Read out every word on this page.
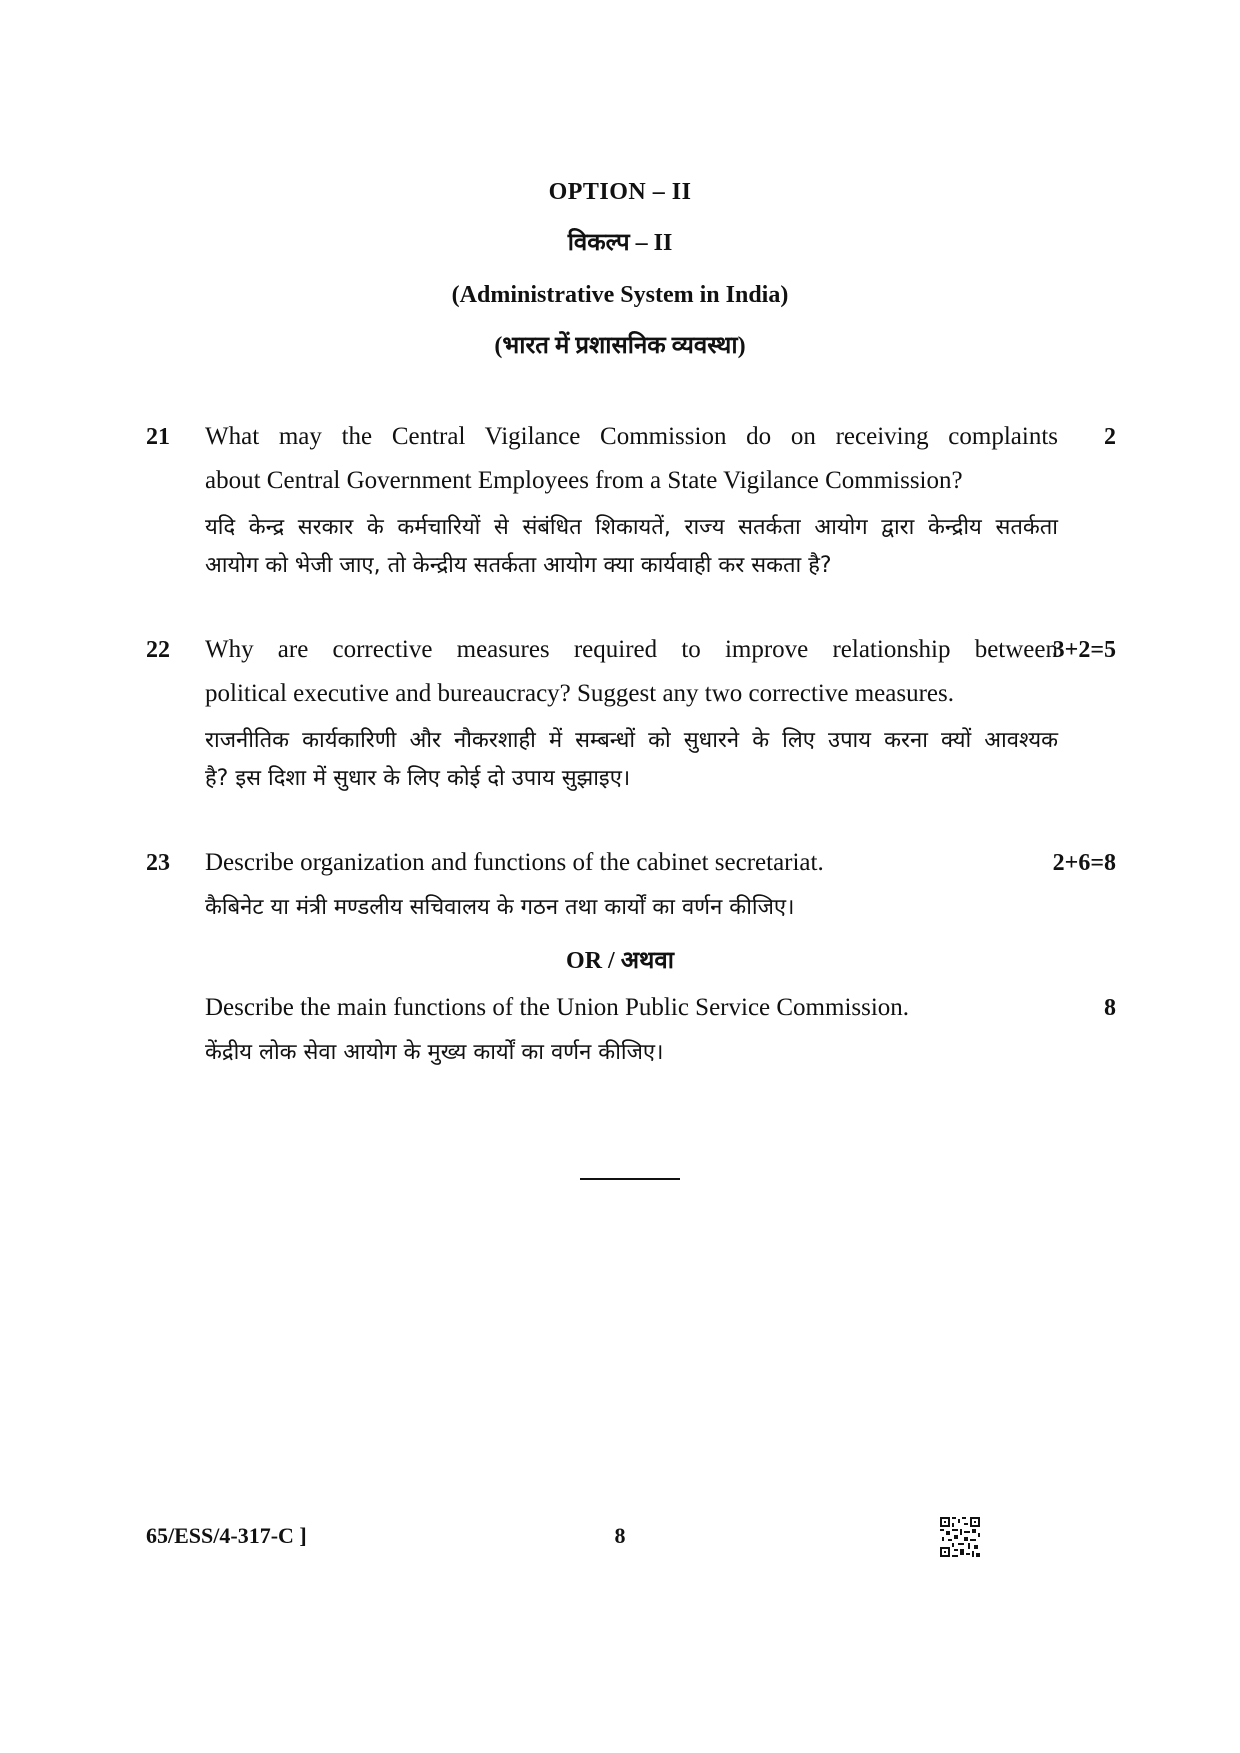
OPTION – II
विकल्प – II
(Administrative System in India)
(भारत में प्रशासनिक व्यवस्था)
21	2
What may the Central Vigilance Commission do on receiving complaints
about Central Government Employees from a State Vigilance Commission?
यदि केन्द्र सरकार के कर्मचारियों से संबंधित शिकायतें, राज्य सतर्कता आयोग द्वारा केन्द्रीय सतर्कता
आयोग को भेजी जाए, तो केन्द्रीय सतर्कता आयोग क्या कार्यवाही कर सकता है?
22	3+2=5
Why are corrective measures required to improve relationship between
political executive and bureaucracy? Suggest any two corrective measures.
राजनीतिक कार्यकारिणी और नौकरशाही में सम्बन्धों को सुधारने के लिए उपाय करना क्यों आवश्यक
है? इस दिशा में सुधार के लिए कोई दो उपाय सुझाइए।
23	2+6=8
Describe organization and functions of the cabinet secretariat.
कैबिनेट या मंत्री मण्डलीय सचिवालय के गठन तथा कार्यों का वर्णन कीजिए।
OR / अथवा
8
Describe the main functions of the Union Public Service Commission.
केंद्रीय लोक सेवा आयोग के मुख्य कार्यों का वर्णन कीजिए।
65/ESS/4-317-C ]	8
